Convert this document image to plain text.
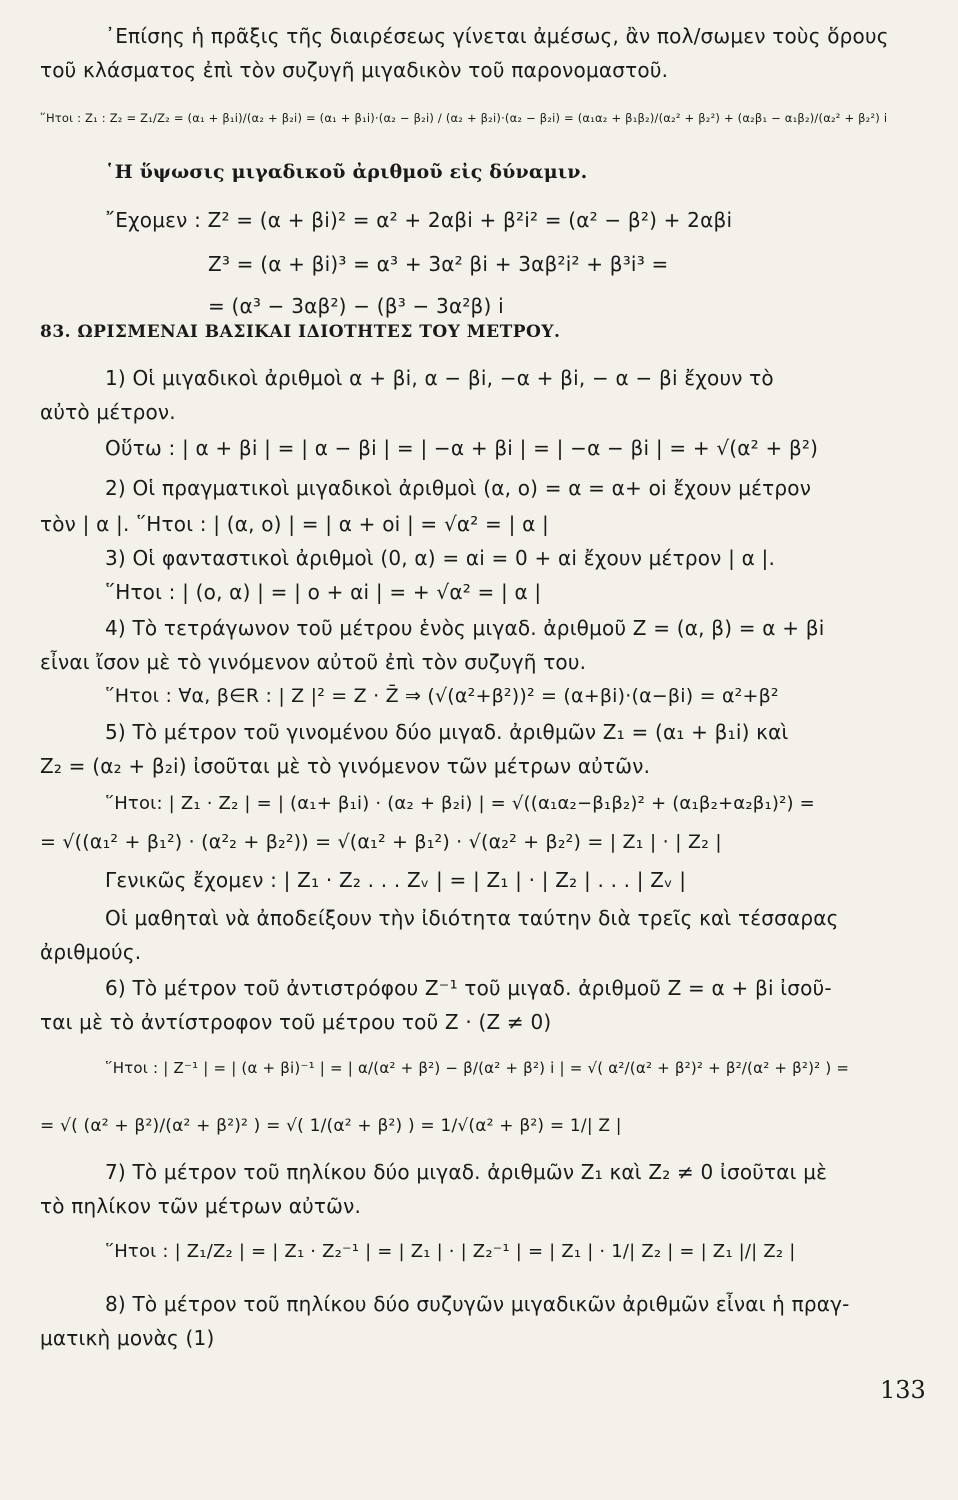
᾿Επίσης ἡ πρᾶξις τῆς διαιρέσεως γίνεται ἀμέσως, ἂν πολ/σωμεν τοὺς ὅρους
τοῦ κλάσματος ἐπὶ τὸν συζυγῆ μιγαδικὸν τοῦ παρονομαστοῦ.
῞Ητοι : Z₁ : Z₂ = Z₁/Z₂ = (α₁ + β₁i)/(α₂ + β₂i) = (α₁ + β₁i)·(α₂ − β₂i) / (α₂ + β₂i)·(α₂ − β₂i) = (α₁α₂ + β₁β₂)/(α₂² + β₂²) + (α₂β₁ − α₁β₂)/(α₂² + β₂²) i
῾Η ὕψωσις μιγαδικοῦ ἀριθμοῦ εἰς δύναμιν.
῎Εχομεν : Z² = (α + βi)² = α² + 2αβi + β²i² = (α² − β²) + 2αβi
Z³ = (α + βi)³ = α³ + 3α² βi + 3αβ²i² + β³i³ =
= (α³ − 3αβ²) − (β³ − 3α²β) i
83. ΩΡΙΣΜΕΝΑΙ ΒΑΣΙΚΑΙ ΙΔΙΟΤΗΤΕΣ ΤΟΥ ΜΕΤΡΟΥ.
1) Οἱ μιγαδικοὶ ἀριθμοὶ α + βi, α − βi, −α + βi, − α − βi ἔχουν τὸ
αὐτὸ μέτρον.
Οὕτω : | α + βi | = | α − βi | = | −α + βi | = | −α − βi | = + √(α² + β²)
2) Οἱ πραγματικοὶ μιγαδικοὶ ἀριθμοὶ (α, ο) = α = α+ οi ἔχουν μέτρον
τὸν | α |. ῞Ητοι : | (α, ο) | = | α + οi | = √α² = | α |
3) Οἱ φανταστικοὶ ἀριθμοὶ (0, α) = αi = 0 + αi ἔχουν μέτρον | α |.
῞Ητοι : | (ο, α) | = | ο + αi | = + √α² = | α |
4) Τὸ τετράγωνον τοῦ μέτρου ἑνὸς μιγαδ. ἀριθμοῦ Z = (α, β) = α + βi
εἶναι ἴσον μὲ τὸ γινόμενον αὐτοῦ ἐπὶ τὸν συζυγῆ του.
῞Ητοι : ∀α, β∈R : | Z |² = Z · Z̄ ⇒ (√(α²+β²))² = (α+βi)·(α−βi) = α²+β²
5) Τὸ μέτρον τοῦ γινομένου δύο μιγαδ. ἀριθμῶν Z₁ = (α₁ + β₁i) καὶ
Z₂ = (α₂ + β₂i) ἰσοῦται μὲ τὸ γινόμενον τῶν μέτρων αὐτῶν.
῞Ητοι: | Z₁ · Z₂ | = | (α₁+ β₁i) · (α₂ + β₂i) | = √((α₁α₂−β₁β₂)² + (α₁β₂+α₂β₁)²) =
= √((α₁² + β₁²) · (α²₂ + β₂²)) = √(α₁² + β₁²) · √(α₂² + β₂²) = | Z₁ | · | Z₂ |
Γενικῶς ἔχομεν : | Z₁ · Z₂ . . . Zᵥ | = | Z₁ | · | Z₂ | . . . | Zᵥ |
Οἱ μαθηταὶ νὰ ἀποδείξουν τὴν ἰδιότητα ταύτην διὰ τρεῖς καὶ τέσσαρας
ἀριθμούς.
6) Τὸ μέτρον τοῦ ἀντιστρόφου Z⁻¹ τοῦ μιγαδ. ἀριθμοῦ Z = α + βi ἰσοῦ-
ται μὲ τὸ ἀντίστροφον τοῦ μέτρου τοῦ Z · (Z ≠ 0)
῞Ητοι : | Z⁻¹ | = | (α + βi)⁻¹ | = | α/(α² + β²) − β/(α² + β²) i | = √( α²/(α² + β²)² + β²/(α² + β²)² ) =
= √( (α² + β²)/(α² + β²)² ) = √( 1/(α² + β²) ) = 1/√(α² + β²) = 1/| Z |
7) Τὸ μέτρον τοῦ πηλίκου δύο μιγαδ. ἀριθμῶν Z₁ καὶ Z₂ ≠ 0 ἰσοῦται μὲ
τὸ πηλίκον τῶν μέτρων αὐτῶν.
῞Ητοι : | Z₁/Z₂ | = | Z₁ · Z₂⁻¹ | = | Z₁ | · | Z₂⁻¹ | = | Z₁ | · 1/| Z₂ | = | Z₁ |/| Z₂ |
8) Τὸ μέτρον τοῦ πηλίκου δύο συζυγῶν μιγαδικῶν ἀριθμῶν εἶναι ἡ πραγ-
ματικὴ μονὰς (1)
133
